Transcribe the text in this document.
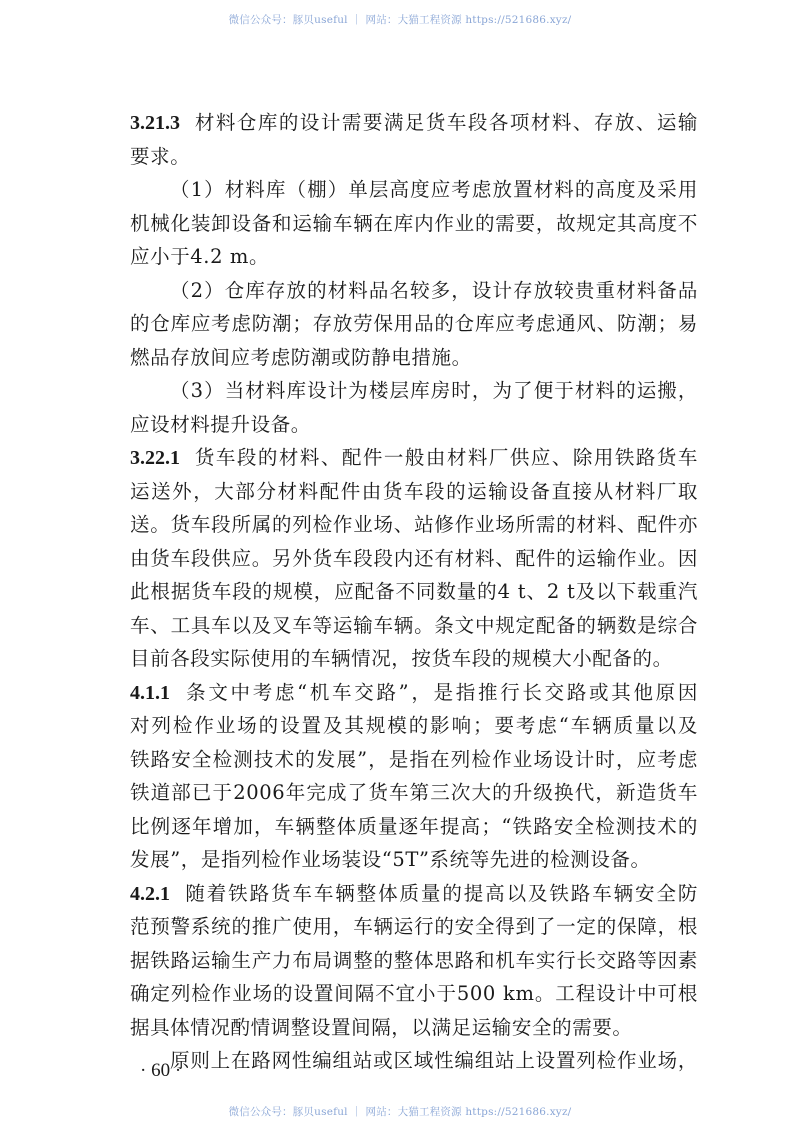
微信公众号：豚贝useful ｜ 网站：大猫工程资源 https://521686.xyz/
3.21.3 材料仓库的设计需要满足货车段各项材料、存放、运输
要求。
（1）材料库（棚）单层高度应考虑放置材料的高度及采用
机械化装卸设备和运输车辆在库内作业的需要，故规定其高度不
应小于4.2 m。
（2）仓库存放的材料品名较多，设计存放较贵重材料备品
的仓库应考虑防潮；存放劳保用品的仓库应考虑通风、防潮；易
燃品存放间应考虑防潮或防静电措施。
（3）当材料库设计为楼层库房时，为了便于材料的运搬，
应设材料提升设备。
3.22.1 货车段的材料、配件一般由材料厂供应、除用铁路货车
运送外，大部分材料配件由货车段的运输设备直接从材料厂取
送。货车段所属的列检作业场、站修作业场所需的材料、配件亦
由货车段供应。另外货车段段内还有材料、配件的运输作业。因
此根据货车段的规模，应配备不同数量的4 t、2 t及以下载重汽
车、工具车以及叉车等运输车辆。条文中规定配备的辆数是综合
目前各段实际使用的车辆情况，按货车段的规模大小配备的。
4.1.1 条文中考虑“机车交路”，是指推行长交路或其他原因
对列检作业场的设置及其规模的影响；要考虑“车辆质量以及
铁路安全检测技术的发展”，是指在列检作业场设计时，应考虑
铁道部已于2006年完成了货车第三次大的升级换代，新造货车
比例逐年增加，车辆整体质量逐年提高；“铁路安全检测技术的
发展”，是指列检作业场装设“5T”系统等先进的检测设备。
4.2.1 随着铁路货车车辆整体质量的提高以及铁路车辆安全防
范预警系统的推广使用，车辆运行的安全得到了一定的保障，根
据铁路运输生产力布局调整的整体思路和机车实行长交路等因素
确定列检作业场的设置间隔不宜小于500 km。工程设计中可根
据具体情况酌情调整设置间隔，以满足运输安全的需要。
原则上在路网性编组站或区域性编组站上设置列检作业场，
· 60 ·
微信公众号：豚贝useful ｜ 网站：大猫工程资源 https://521686.xyz/
